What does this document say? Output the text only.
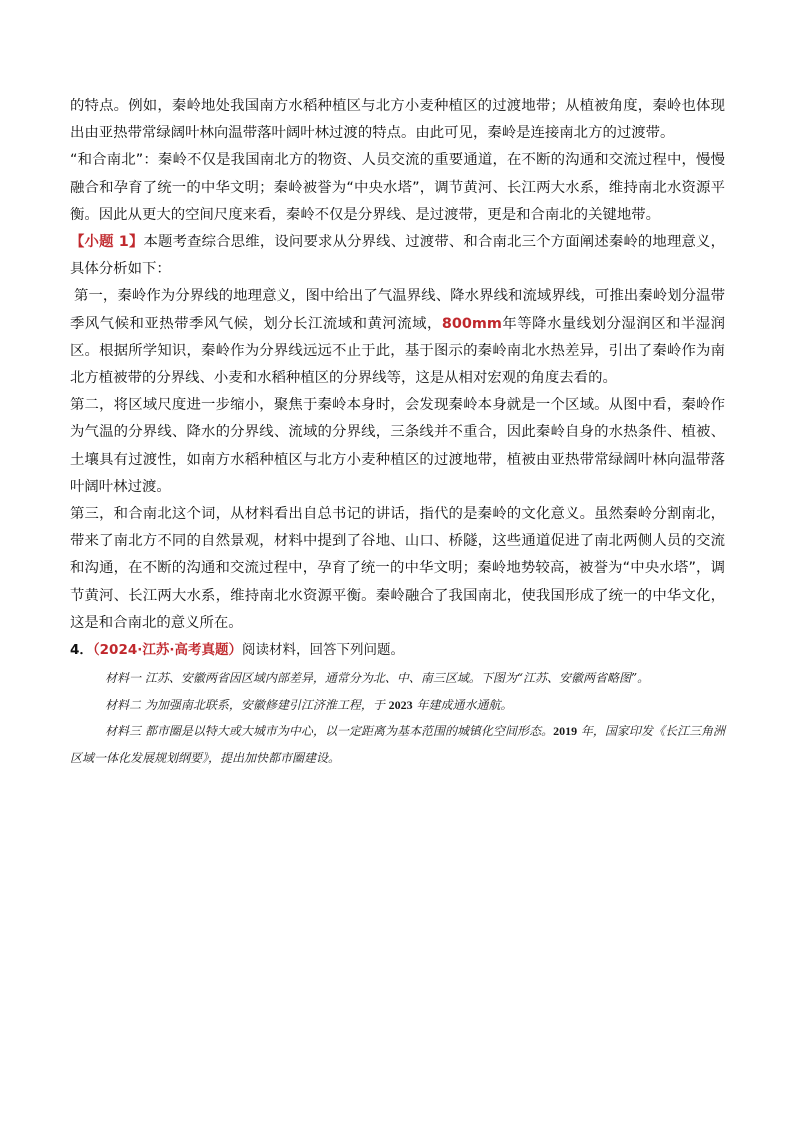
的特点。例如，秦岭地处我国南方水稻种植区与北方小麦种植区的过渡地带；从植被角度，秦岭也体现出由亚热带常绿阔叶林向温带落叶阔叶林过渡的特点。由此可见，秦岭是连接南北方的过渡带。

“和合南北”：秦岭不仅是我国南北方的物资、人员交流的重要通道，在不断的沟通和交流过程中，慢慢融合和孕育了统一的中华文明；秦岭被誉为“中央水塔”，调节黄河、长江两大水系，维持南北水资源平衡。因此从更大的空间尺度来看，秦岭不仅是分界线、是过渡带，更是和合南北的关键地带。

【小题 1】本题考查综合思维，设问要求从分界线、过渡带、和合南北三个方面阐述秦岭的地理意义，具体分析如下：

第一，秦岭作为分界线的地理意义，图中给出了气温界线、降水界线和流域界线，可推出秦岭划分温带季风气候和亚热带季风气候，划分长江流域和黄河流域，800mm年等降水量线划分湿润区和半湿润区。根据所学知识，秦岭作为分界线远远不止于此，基于图示的秦岭南北水热差异，引出了秦岭作为南北方植被带的分界线、小麦和水稻种植区的分界线等，这是从相对宏观的角度去看的。

第二，将区域尺度进一步缩小，聚焦于秦岭本身时，会发现秦岭本身就是一个区域。从图中看，秦岭作为气温的分界线、降水的分界线、流域的分界线，三条线并不重合，因此秦岭自身的水热条件、植被、土壤具有过渡性，如南方水稻种植区与北方小麦种植区的过渡地带，植被由亚热带常绿阔叶林向温带落叶阔叶林过渡。

第三，和合南北这个词，从材料看出自总书记的讲话，指代的是秦岭的文化意义。虽然秦岭分割南北，带来了南北方不同的自然景观，材料中提到了谷地、山口、桥隧，这些通道促进了南北两侧人员的交流和沟通，在不断的沟通和交流过程中，孕育了统一的中华文明；秦岭地势较高，被誉为“中央水塔”，调节黄河、长江两大水系，维持南北水资源平衡。秦岭融合了我国南北，使我国形成了统一的中华文化，这是和合南北的意义所在。

4．（2024·江苏·高考真题）阅读材料，回答下列问题。

材料一 江苏、安徽两省因区域内部差异，通常分为北、中、南三区域。下图为“江苏、安徽两省略图”。

材料二 为加强南北联系，安徽修建引江济淮工程，于 2023 年建成通水通航。

材料三 都市圈是以特大或大城市为中心，以一定距离为基本范围的城镇化空间形态。2019 年，国家印发《长江三角洲区域一体化发展规划纲要》，提出加快都市圈建设。
